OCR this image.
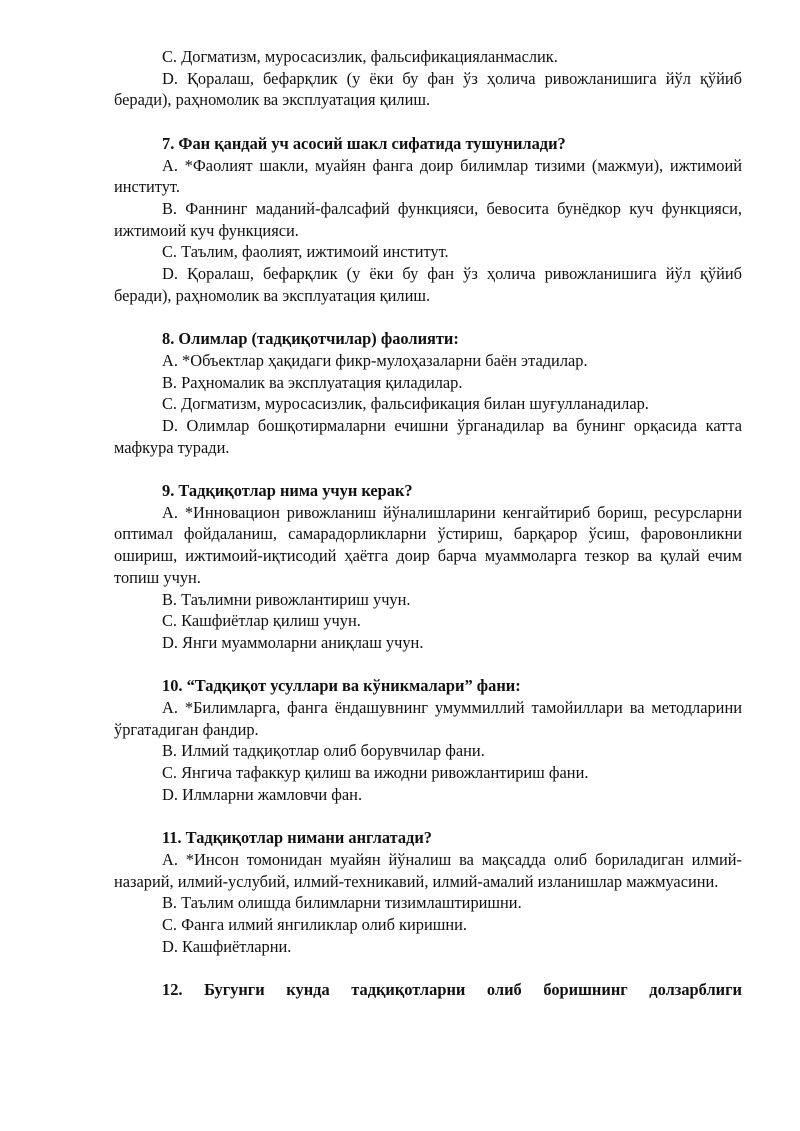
C. Догматизм, муросасизлик, фальсификацияланмаслик.

D. Қоралаш, бефарқлик (у ёки бу фан ўз ҳолича ривожланишига йўл қўйиб беради), раҳномолик ва эксплуатация қилиш.

7. Фан қандай уч асосий шакл сифатида тушунилади?

A. *Фаолият шакли, муайян фанга доир билимлар тизими (мажмуи), ижтимоий институт.

B. Фаннинг маданий-фалсафий функцияси, бевосита бунёдкор куч функцияси, ижтимоий куч функцияси.

C. Таълим, фаолият, ижтимоий институт.

D. Қоралаш, бефарқлик (у ёки бу фан ўз ҳолича ривожланишига йўл қўйиб беради), раҳномолик ва эксплуатация қилиш.

8. Олимлар (тадқиқотчилар) фаолияти:

A. *Объектлар ҳақидаги фикр-мулоҳазаларни баён этадилар.

B. Раҳномалик ва эксплуатация қиладилар.

C. Догматизм, муросасизлик, фальсификация билан шуғулланадилар.

D. Олимлар бошқотирмаларни ечишни ўрганадилар ва бунинг орқасида катта мафкура туради.

9. Тадқиқотлар нима учун керак?

A. *Инновацион ривожланиш йўналишларини кенгайтириб бориш, ресурсларни оптимал фойдаланиш, самарадорликларни ўстириш, барқарор ўсиш, фаровонликни ошириш, ижтимоий-иқтисодий ҳаётга доир барча муаммоларга тезкор ва қулай ечим топиш учун.

B. Таълимни ривожлантириш учун.

C. Кашфиётлар қилиш учун.

D. Янги муаммоларни аниқлаш учун.

10. “Тадқиқот усуллари ва кўникмалари” фани:

A. *Билимларга, фанга ёндашувнинг умуммиллий тамойиллари ва методларини ўргатадиган фандир.

B. Илмий тадқиқотлар олиб борувчилар фани.

C. Янгича тафаккур қилиш ва ижодни ривожлантириш фани.

D. Илмларни жамловчи фан.

11. Тадқиқотлар нимани англатади?

A. *Инсон томонидан муайян йўналиш ва мақсадда олиб бориладиган илмий-назарий, илмий-услубий, илмий-техникавий, илмий-амалий изланишлар мажмуасини.

B. Таълим олишда билимларни тизимлаштиришни.

C. Фанга илмий янгиликлар олиб киришни.

D. Кашфиётларни.

12. Бугунги кунда тадқиқотларни олиб боришнинг долзарблиги
